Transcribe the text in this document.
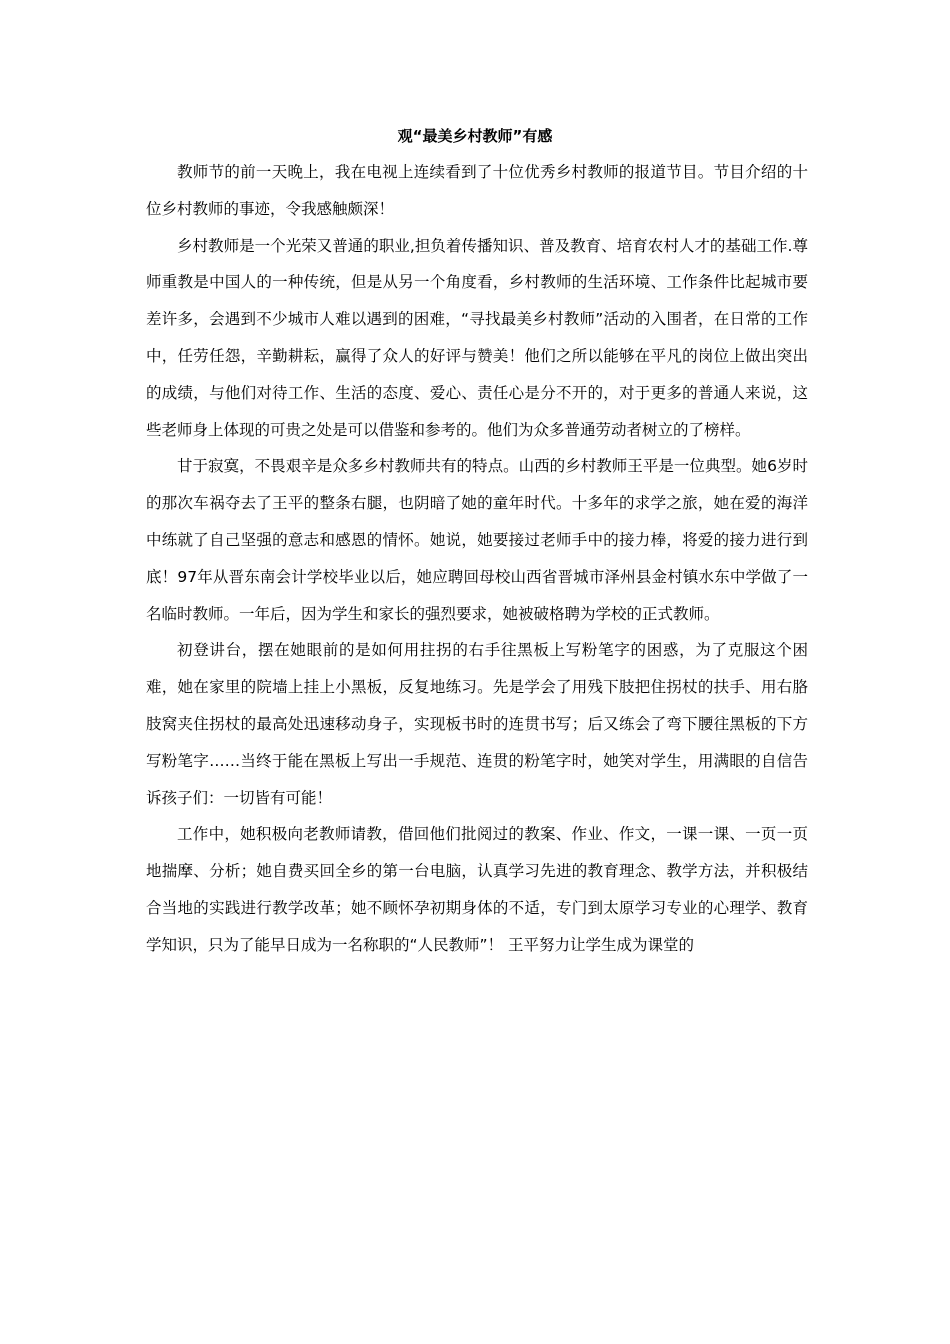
观“最美乡村教师”有感

教师节的前一天晚上，我在电视上连续看到了十位优秀乡村教师的报道节目。节目介绍的十位乡村教师的事迹，令我感触颇深！

乡村教师是一个光荣又普通的职业,担负着传播知识、普及教育、培育农村人才的基础工作.尊师重教是中国人的一种传统，但是从另一个角度看，乡村教师的生活环境、工作条件比起城市要差许多，会遇到不少城市人难以遇到的困难，“寻找最美乡村教师”活动的入围者，在日常的工作中，任劳任怨，辛勤耕耘，赢得了众人的好评与赞美！他们之所以能够在平凡的岗位上做出突出的成绩，与他们对待工作、生活的态度、爱心、责任心是分不开的，对于更多的普通人来说，这些老师身上体现的可贵之处是可以借鉴和参考的。他们为众多普通劳动者树立的了榜样。

甘于寂寞，不畏艰辛是众多乡村教师共有的特点。山西的乡村教师王平是一位典型。她6岁时的那次车祸夺去了王平的整条右腿，也阴暗了她的童年时代。十多年的求学之旅，她在爱的海洋中练就了自己坚强的意志和感恩的情怀。她说，她要接过老师手中的接力棒，将爱的接力进行到底！97年从晋东南会计学校毕业以后，她应聘回母校山西省晋城市泽州县金村镇水东中学做了一名临时教师。一年后，因为学生和家长的强烈要求，她被破格聘为学校的正式教师。

初登讲台，摆在她眼前的是如何用拄拐的右手往黑板上写粉笔字的困惑，为了克服这个困难，她在家里的院墙上挂上小黑板，反复地练习。先是学会了用残下肢把住拐杖的扶手、用右胳肢窝夹住拐杖的最高处迅速移动身子，实现板书时的连贯书写；后又练会了弯下腰往黑板的下方写粉笔字……当终于能在黑板上写出一手规范、连贯的粉笔字时，她笑对学生，用满眼的自信告诉孩子们：一切皆有可能！

工作中，她积极向老教师请教，借回他们批阅过的教案、作业、作文，一课一课、一页一页地揣摩、分析；她自费买回全乡的第一台电脑，认真学习先进的教育理念、教学方法，并积极结合当地的实践进行教学改革；她不顾怀孕初期身体的不适，专门到太原学习专业的心理学、教育学知识，只为了能早日成为一名称职的“人民教师”！ 王平努力让学生成为课堂的
